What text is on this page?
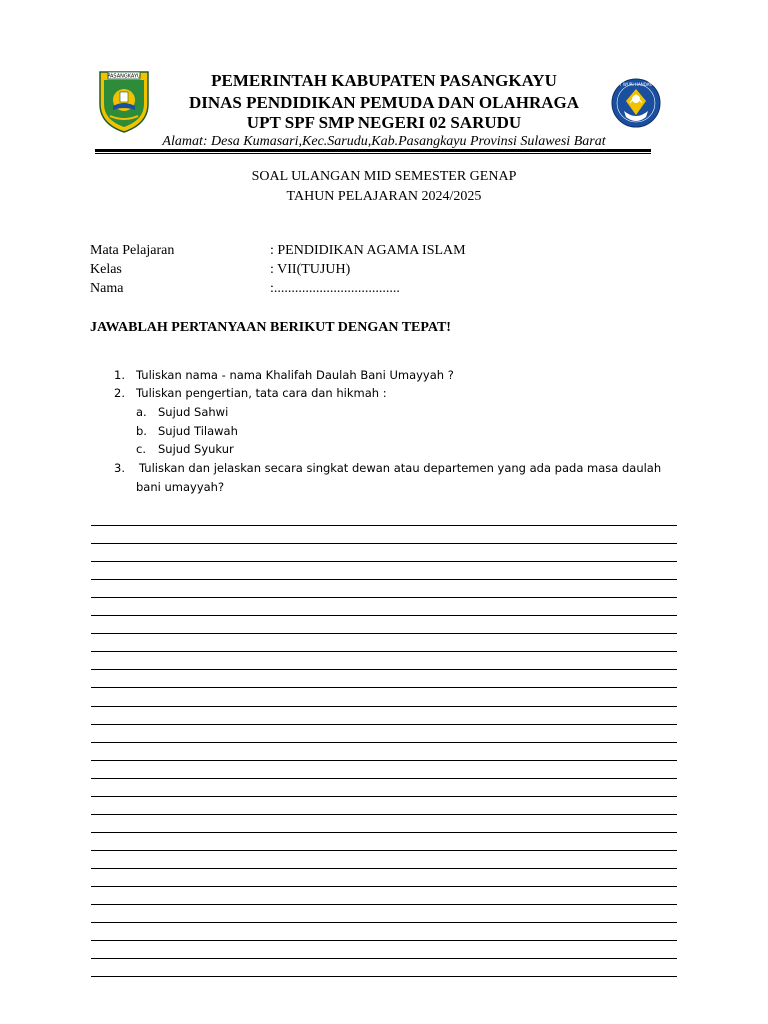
PASANGKAYU
TUT WURI HANDAYANI
PEMERINTAH KABUPATEN PASANGKAYU
DINAS PENDIDIKAN PEMUDA DAN OLAHRAGA
UPT SPF SMP NEGERI 02 SARUDU
Alamat: Desa Kumasari,Kec.Sarudu,Kab.Pasangkayu Provinsi Sulawesi Barat
SOAL ULANGAN MID SEMESTER GENAP
TAHUN PELAJARAN 2024/2025
Mata Pelajaran	: PENDIDIKAN AGAMA ISLAM
Kelas	: VII(TUJUH)
Nama	:....................................
JAWABLAH PERTANYAAN BERIKUT DENGAN TEPAT!
1. Tuliskan nama - nama Khalifah Daulah Bani Umayyah ?
2. Tuliskan pengertian, tata cara dan hikmah :
a. Sujud Sahwi
b. Sujud Tilawah
c. Sujud Syukur
3. Tuliskan dan jelaskan secara singkat dewan atau departemen yang ada pada masa daulah
bani umayyah?
